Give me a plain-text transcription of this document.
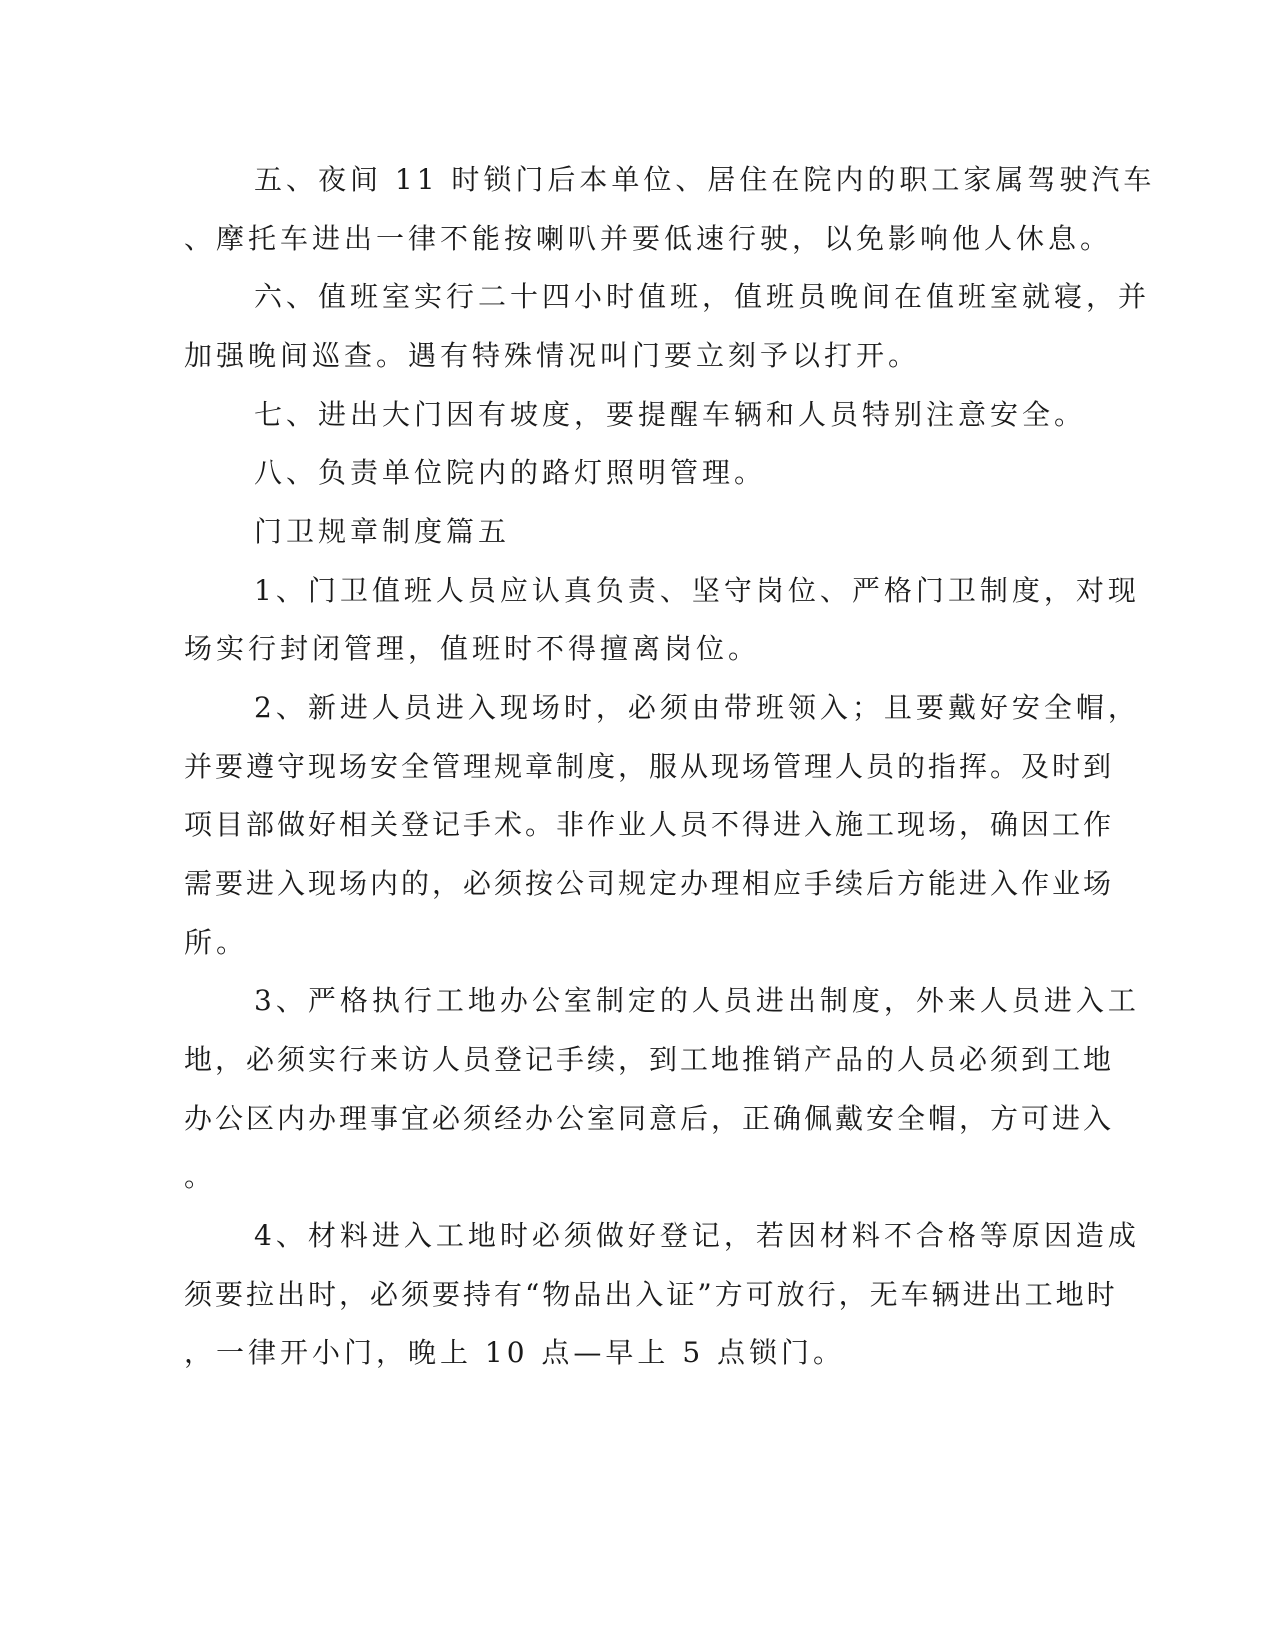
五、夜间 11 时锁门后本单位、居住在院内的职工家属驾驶汽车
、摩托车进出一律不能按喇叭并要低速行驶，以免影响他人休息。
六、值班室实行二十四小时值班，值班员晚间在值班室就寝，并
加强晚间巡查。遇有特殊情况叫门要立刻予以打开。
七、进出大门因有坡度，要提醒车辆和人员特别注意安全。
八、负责单位院内的路灯照明管理。
门卫规章制度篇五
1、门卫值班人员应认真负责、坚守岗位、严格门卫制度，对现
场实行封闭管理，值班时不得擅离岗位。
2、新进人员进入现场时，必须由带班领入；且要戴好安全帽，
并要遵守现场安全管理规章制度，服从现场管理人员的指挥。及时到
项目部做好相关登记手术。非作业人员不得进入施工现场，确因工作
需要进入现场内的，必须按公司规定办理相应手续后方能进入作业场
所。
3、严格执行工地办公室制定的人员进出制度，外来人员进入工
地，必须实行来访人员登记手续，到工地推销产品的人员必须到工地
办公区内办理事宜必须经办公室同意后，正确佩戴安全帽，方可进入
。
4、材料进入工地时必须做好登记，若因材料不合格等原因造成
须要拉出时，必须要持有“物品出入证”方可放行，无车辆进出工地时
，一律开小门，晚上 10 点—早上 5 点锁门。
